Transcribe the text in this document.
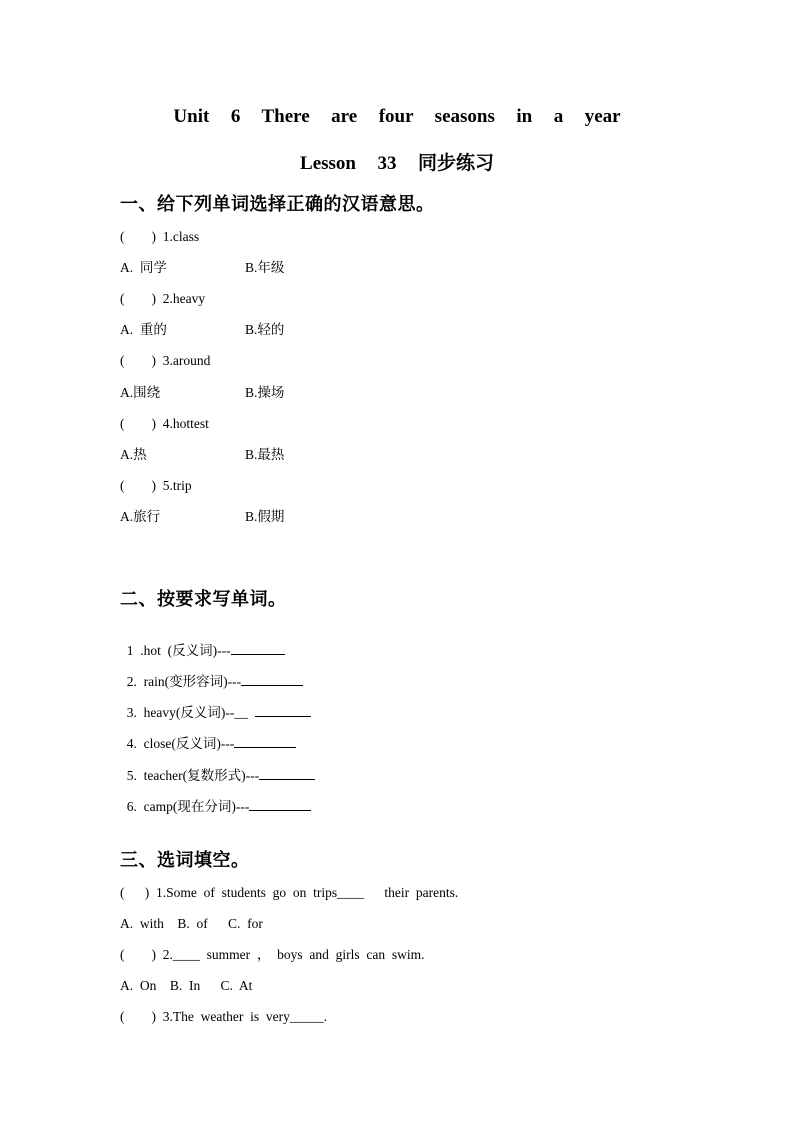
Unit  6  There  are  four  seasons  in  a  year
Lesson  33  同步练习
一、给下列单词选择正确的汉语意思。
(        )  1.class
A.  同学	B.年级
(        )  2.heavy
A.  重的	B.轻的
(        )  3.around
A.围绕	B.操场
(        )  4.hottest
A.热	B.最热
(        )  5.trip
A.旅行	B.假期
二、按要求写单词。

1  .hot  (反义词)---

2.  rain(变形容词)---

3.  heavy(反义词)--__

4.  close(反义词)---

5.  teacher(复数形式)---

6.  camp(现在分词)---

三、选词填空。
(      )  1.Some  of  students  go  on  trips____      their  parents.
A.  with    B.  of      C.  for
(        )  2.____  summer  ，  boys  and  girls  can  swim.
A.  On    B.  In      C.  At
(        )  3.The  weather  is  very_____.
